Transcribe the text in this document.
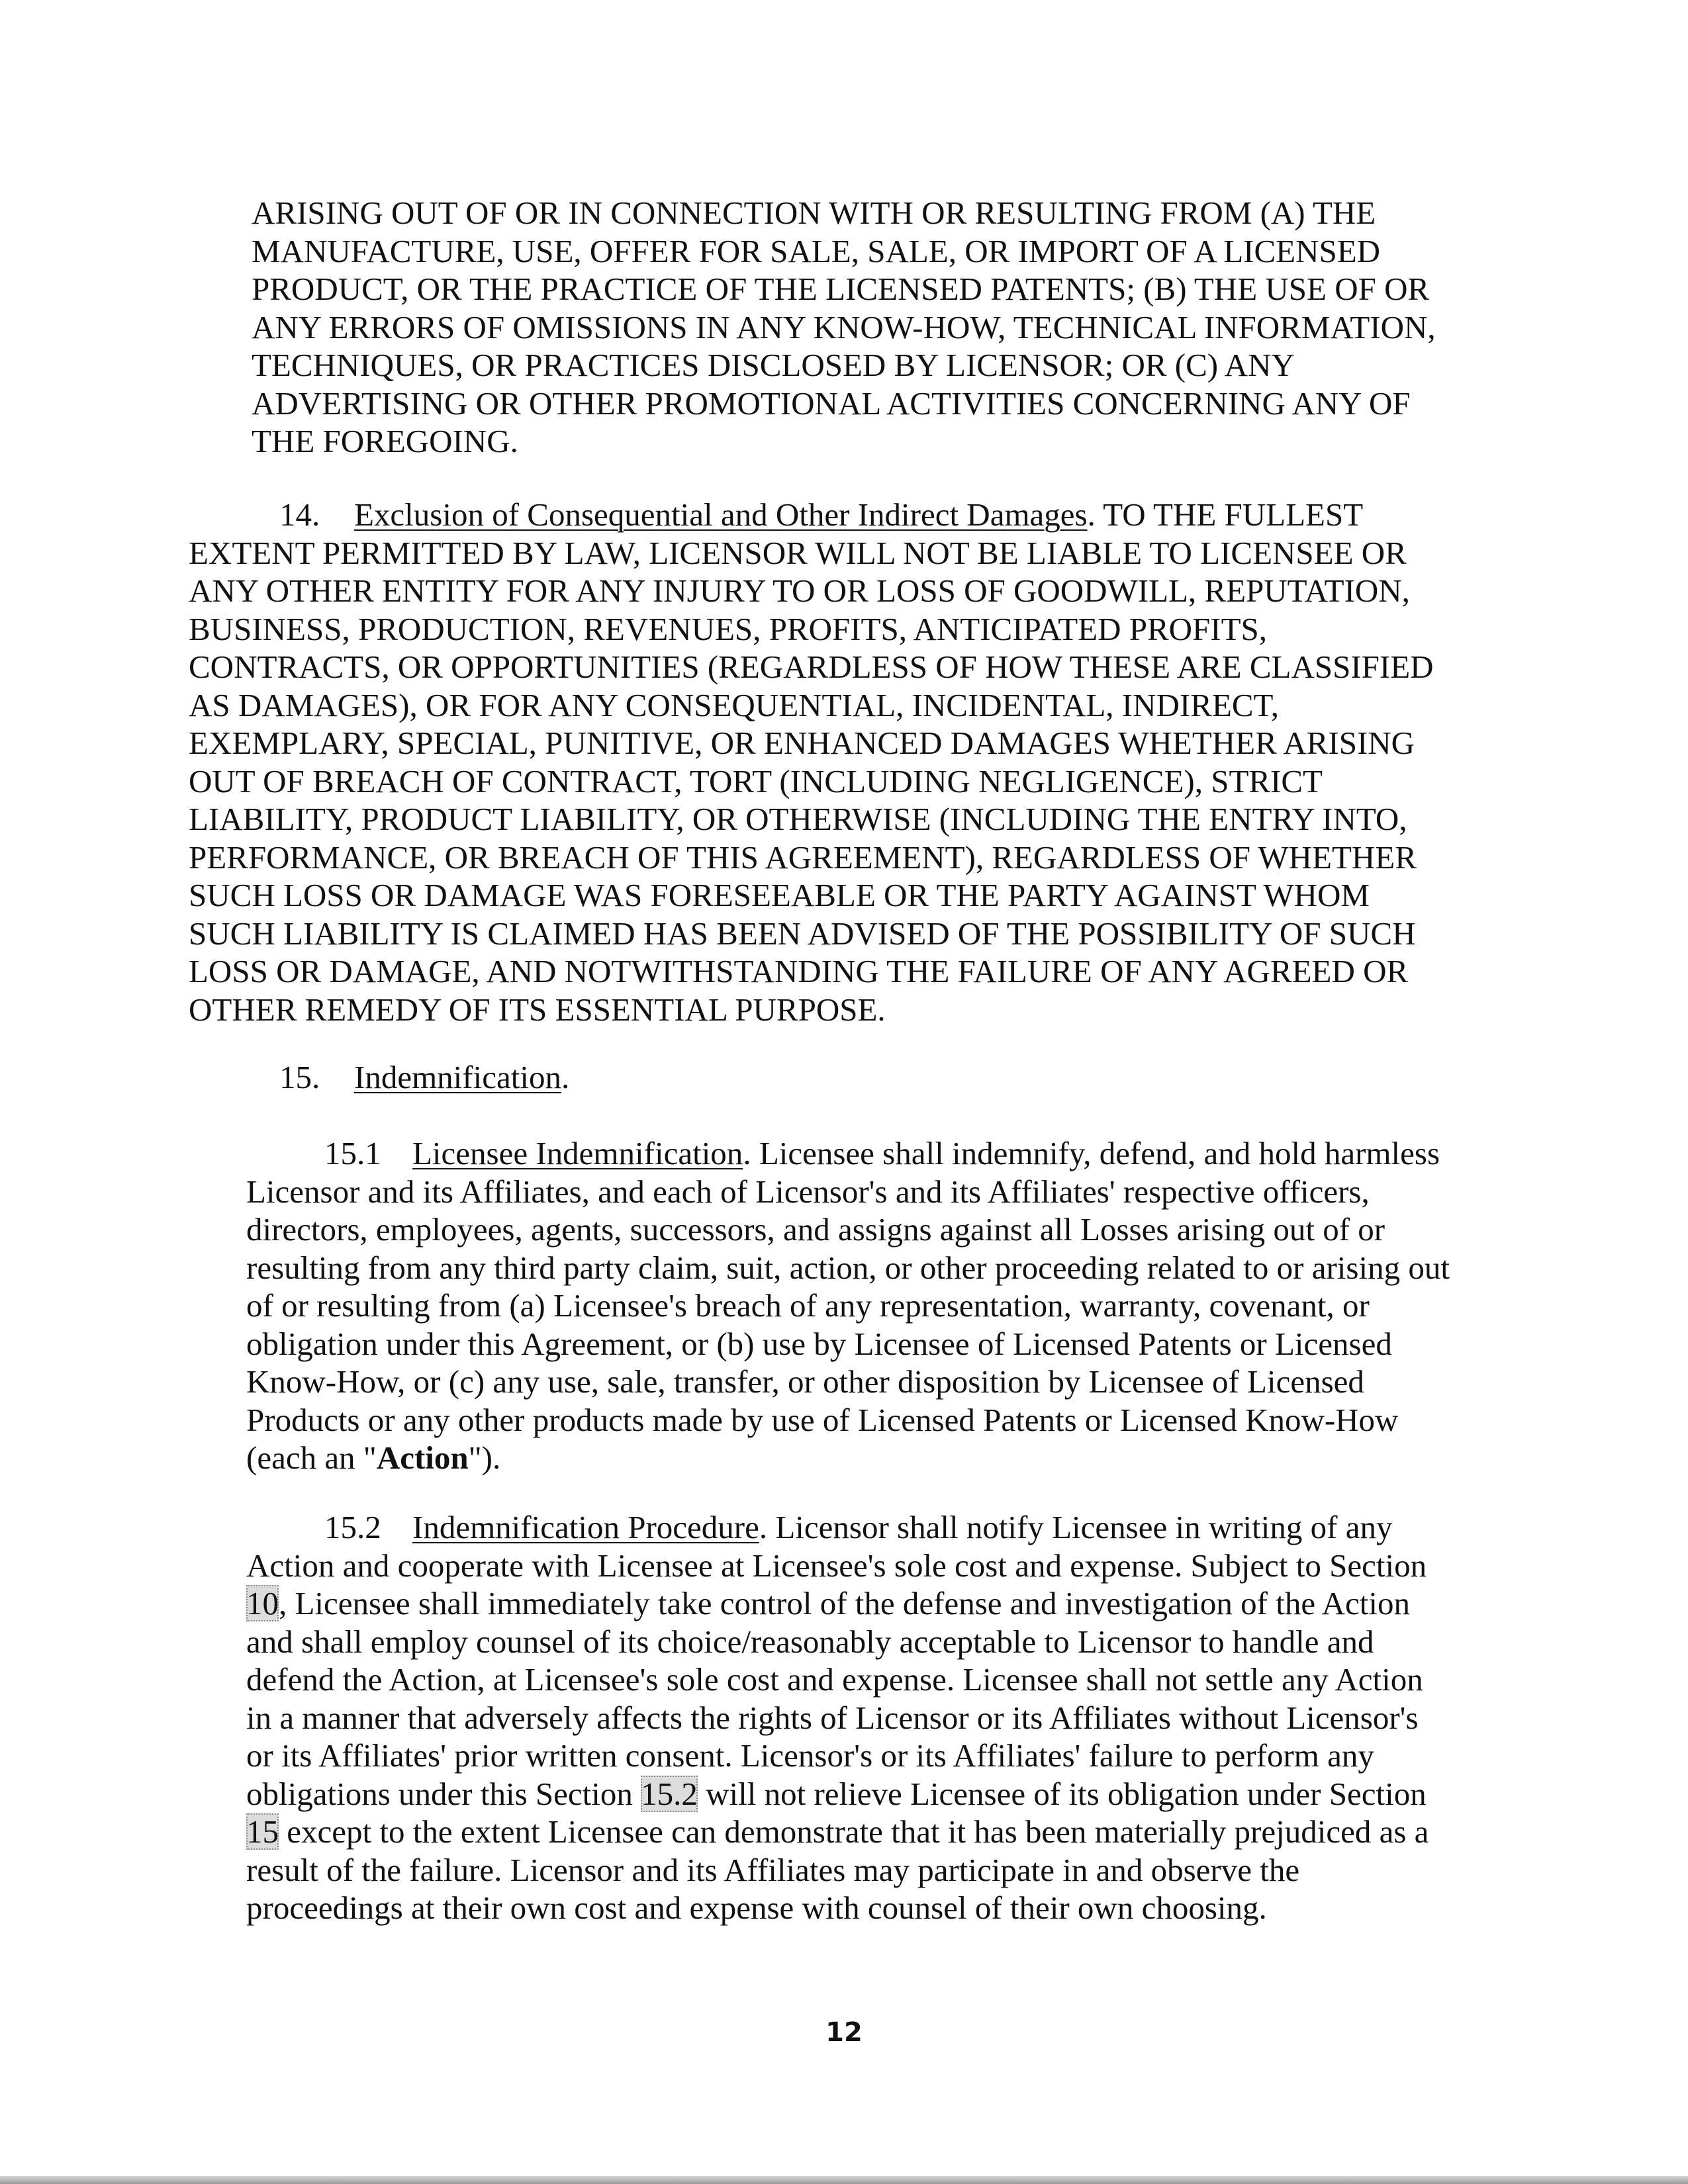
ARISING OUT OF OR IN CONNECTION WITH OR RESULTING FROM (A) THE
MANUFACTURE, USE, OFFER FOR SALE, SALE, OR IMPORT OF A LICENSED
PRODUCT, OR THE PRACTICE OF THE LICENSED PATENTS; (B) THE USE OF OR
ANY ERRORS OF OMISSIONS IN ANY KNOW-HOW, TECHNICAL INFORMATION,
TECHNIQUES, OR PRACTICES DISCLOSED BY LICENSOR; OR (C) ANY
ADVERTISING OR OTHER PROMOTIONAL ACTIVITIES CONCERNING ANY OF
THE FOREGOING.
14. Exclusion of Consequential and Other Indirect Damages. TO THE FULLEST
EXTENT PERMITTED BY LAW, LICENSOR WILL NOT BE LIABLE TO LICENSEE OR
ANY OTHER ENTITY FOR ANY INJURY TO OR LOSS OF GOODWILL, REPUTATION,
BUSINESS, PRODUCTION, REVENUES, PROFITS, ANTICIPATED PROFITS,
CONTRACTS, OR OPPORTUNITIES (REGARDLESS OF HOW THESE ARE CLASSIFIED
AS DAMAGES), OR FOR ANY CONSEQUENTIAL, INCIDENTAL, INDIRECT,
EXEMPLARY, SPECIAL, PUNITIVE, OR ENHANCED DAMAGES WHETHER ARISING
OUT OF BREACH OF CONTRACT, TORT (INCLUDING NEGLIGENCE), STRICT
LIABILITY, PRODUCT LIABILITY, OR OTHERWISE (INCLUDING THE ENTRY INTO,
PERFORMANCE, OR BREACH OF THIS AGREEMENT), REGARDLESS OF WHETHER
SUCH LOSS OR DAMAGE WAS FORESEEABLE OR THE PARTY AGAINST WHOM
SUCH LIABILITY IS CLAIMED HAS BEEN ADVISED OF THE POSSIBILITY OF SUCH
LOSS OR DAMAGE, AND NOTWITHSTANDING THE FAILURE OF ANY AGREED OR
OTHER REMEDY OF ITS ESSENTIAL PURPOSE.
15. Indemnification.
15.1 Licensee Indemnification. Licensee shall indemnify, defend, and hold harmless
Licensor and its Affiliates, and each of Licensor's and its Affiliates' respective officers,
directors, employees, agents, successors, and assigns against all Losses arising out of or
resulting from any third party claim, suit, action, or other proceeding related to or arising out
of or resulting from (a) Licensee's breach of any representation, warranty, covenant, or
obligation under this Agreement, or (b) use by Licensee of Licensed Patents or Licensed
Know-How, or (c) any use, sale, transfer, or other disposition by Licensee of Licensed
Products or any other products made by use of Licensed Patents or Licensed Know-How
(each an "Action").
15.2 Indemnification Procedure. Licensor shall notify Licensee in writing of any
Action and cooperate with Licensee at Licensee's sole cost and expense. Subject to Section
10, Licensee shall immediately take control of the defense and investigation of the Action
and shall employ counsel of its choice/reasonably acceptable to Licensor to handle and
defend the Action, at Licensee's sole cost and expense. Licensee shall not settle any Action
in a manner that adversely affects the rights of Licensor or its Affiliates without Licensor's
or its Affiliates' prior written consent. Licensor's or its Affiliates' failure to perform any
obligations under this Section 15.2 will not relieve Licensee of its obligation under Section
15 except to the extent Licensee can demonstrate that it has been materially prejudiced as a
result of the failure. Licensor and its Affiliates may participate in and observe the
proceedings at their own cost and expense with counsel of their own choosing.
12
